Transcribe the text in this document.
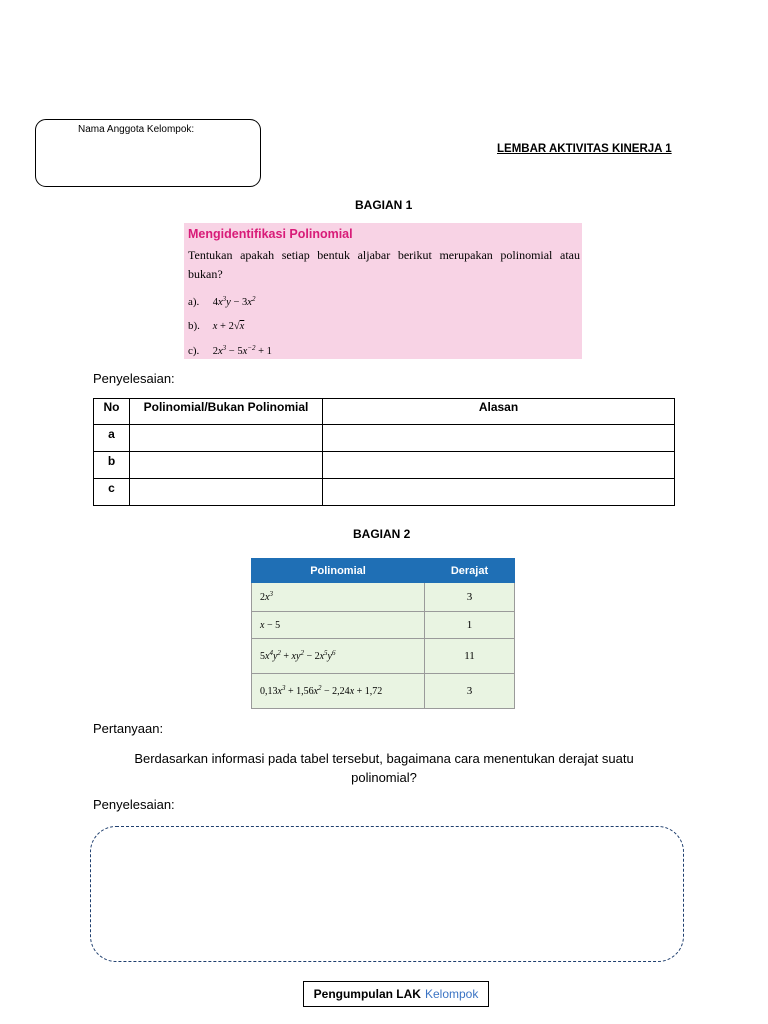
Nama Anggota Kelompok:
LEMBAR AKTIVITAS KINERJA 1
BAGIAN 1
Mengidentifikasi Polinomial
Tentukan apakah setiap bentuk aljabar berikut merupakan polinomial atau bukan?
a). $4x^3y - 3x^2$
b). x + 2√x
c). $2x^3 - 5x^{-2} + 1$
Penyelesaian:
No	Polinomial/Bukan Polinomial	Alasan
a		
b		
c		
BAGIAN 2
Polinomial	Derajat
$2x^3$	3
x − 5	1
$5x^4y^2 + xy^2 - 2x^5y^6$	11
$0,13x^3 + 1,56x^2 - 2,24x + 1,72$	3
Pertanyaan:
Berdasarkan informasi pada tabel tersebut, bagaimana cara menentukan derajat suatu polinomial?
Penyelesaian:
Pengumpulan LAK Kelompok
